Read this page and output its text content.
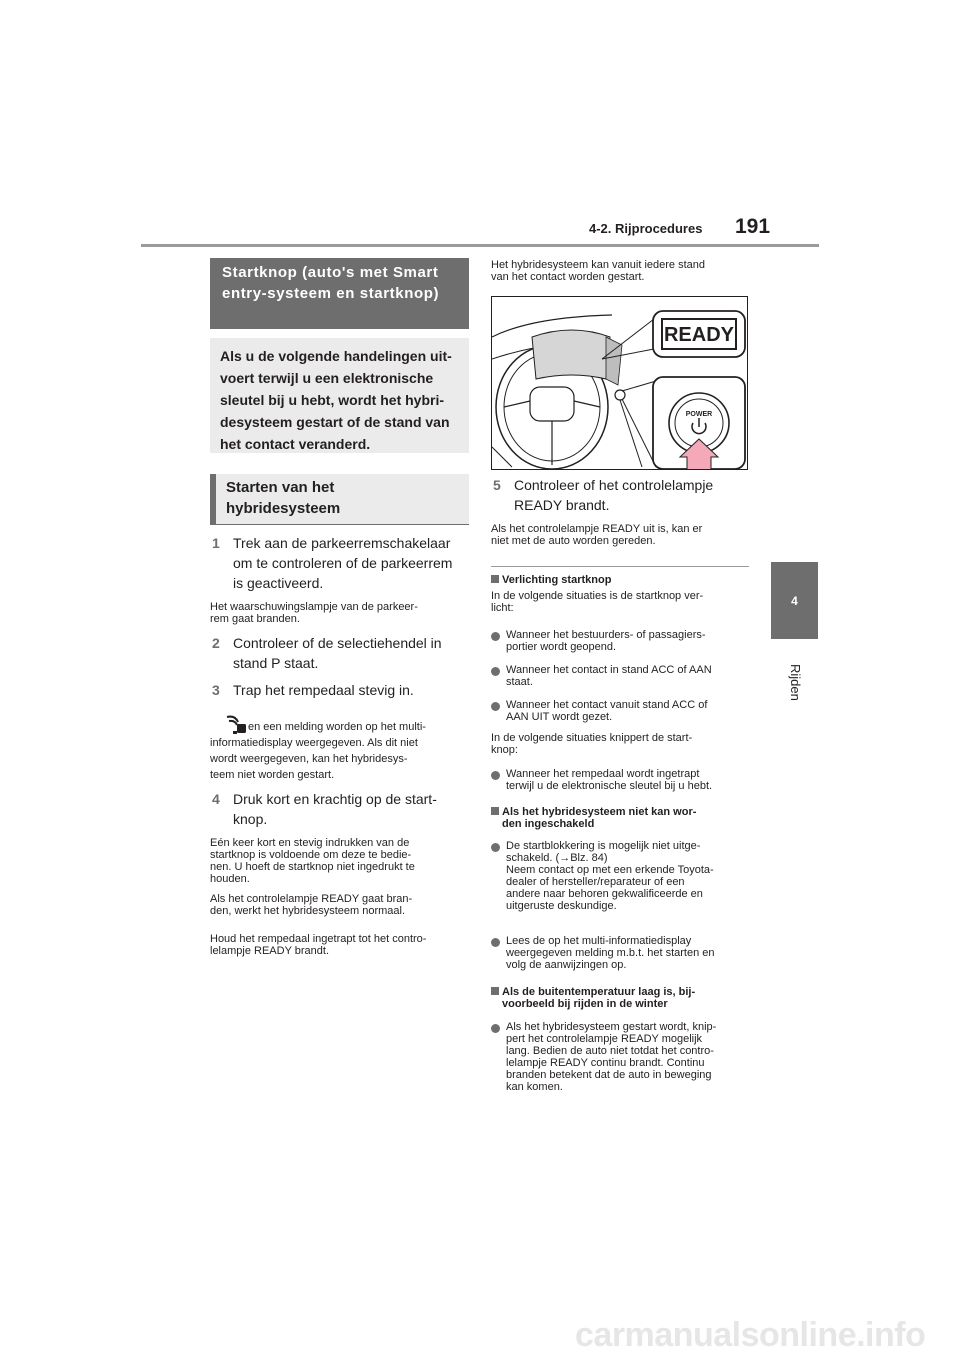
4-2. Rijprocedures 191
4
Rijden
Startknop (auto's met Smart entry-systeem en startknop)
Als u de volgende handelingen uit-
voert terwijl u een elektronische
sleutel bij u hebt, wordt het hybri-
desysteem gestart of de stand van
het contact veranderd.
Starten van het
hybridesysteem
1 Trek aan de parkeerremschakelaar
om te controleren of de parkeerrem
is geactiveerd.
Het waarschuwingslampje van de parkeer-
rem gaat branden.
2 Controleer of de selectiehendel in
stand P staat.
3 Trap het rempedaal stevig in.
en een melding worden op het multi-
informatiedisplay weergegeven. Als dit niet
wordt weergegeven, kan het hybridesys-
teem niet worden gestart.
4 Druk kort en krachtig op de start-
knop.
Eén keer kort en stevig indrukken van de
startknop is voldoende om deze te bedie-
nen. U hoeft de startknop niet ingedrukt te
houden.
Als het controlelampje READY gaat bran-
den, werkt het hybridesysteem normaal.
Houd het rempedaal ingetrapt tot het contro-
lelampje READY brandt.
Het hybridesysteem kan vanuit iedere stand
van het contact worden gestart.
READY
POWER
5 Controleer of het controlelampje
READY brandt.
Als het controlelampje READY uit is, kan er
niet met de auto worden gereden.
Verlichting startknop
In de volgende situaties is de startknop ver-
licht:
Wanneer het bestuurders- of passagiers-
portier wordt geopend.
Wanneer het contact in stand ACC of AAN
staat.
Wanneer het contact vanuit stand ACC of
AAN UIT wordt gezet.
In de volgende situaties knippert de start-
knop:
Wanneer het rempedaal wordt ingetrapt
terwijl u de elektronische sleutel bij u hebt.
Als het hybridesysteem niet kan wor-
den ingeschakeld
De startblokkering is mogelijk niet uitge-
schakeld. (→Blz. 84)
Neem contact op met een erkende Toyota-
dealer of hersteller/reparateur of een
andere naar behoren gekwalificeerde en
uitgeruste deskundige.
Lees de op het multi-informatiedisplay
weergegeven melding m.b.t. het starten en
volg de aanwijzingen op.
Als de buitentemperatuur laag is, bij-
voorbeeld bij rijden in de winter
Als het hybridesysteem gestart wordt, knip-
pert het controlelampje READY mogelijk
lang. Bedien de auto niet totdat het contro-
lelampje READY continu brandt. Continu
branden betekent dat de auto in beweging
kan komen.
carmanualsonline.info
